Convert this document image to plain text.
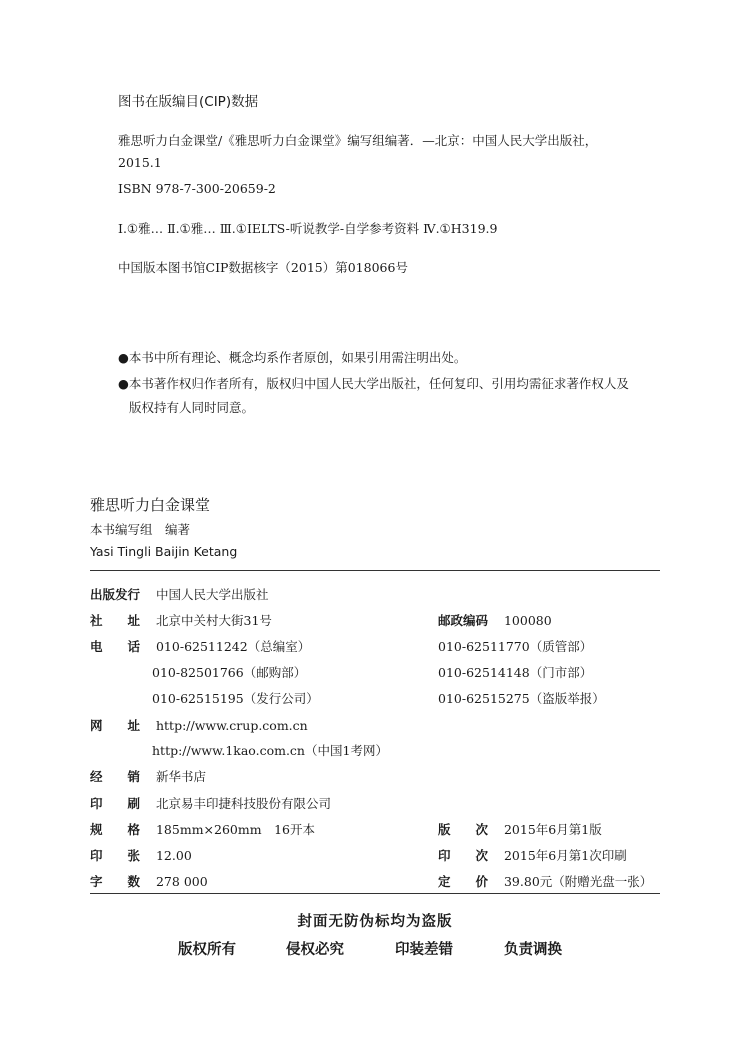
图书在版编目(CIP)数据
雅思听力白金课堂/《雅思听力白金课堂》编写组编著．—北京：中国人民大学出版社，
2015.1
ISBN 978-7-300-20659-2
Ⅰ.①雅… Ⅱ.①雅… Ⅲ.①IELTS-听说教学-自学参考资料 Ⅳ.①H319.9
中国版本图书馆CIP数据核字（2015）第018066号
●本书中所有理论、概念均系作者原创，如果引用需注明出处。
●本书著作权归作者所有，版权归中国人民大学出版社，任何复印、引用均需征求著作权人及
版权持有人同时同意。
雅思听力白金课堂
本书编写组　编著
Yasi Tingli Baijin Ketang
出版发行 中国人民大学出版社
社　　址 北京中关村大街31号	邮政编码 100080
电　　话 010-62511242（总编室）	010-62511770（质管部）
010-82501766（邮购部）	010-62514148（门市部）
010-62515195（发行公司）	010-62515275（盗版举报）
网　　址 http://www.crup.com.cn
http://www.1kao.com.cn（中国1考网）
经　　销 新华书店
印　　刷 北京易丰印捷科技股份有限公司
规　　格 185mm×260mm　16开本	版　　次 2015年6月第1版
印　　张 12.00	印　　次 2015年6月第1次印刷
字　　数 278 000	定　　价 39.80元（附赠光盘一张）
封面无防伪标均为盗版
版权所有	侵权必究	印装差错	负责调换
